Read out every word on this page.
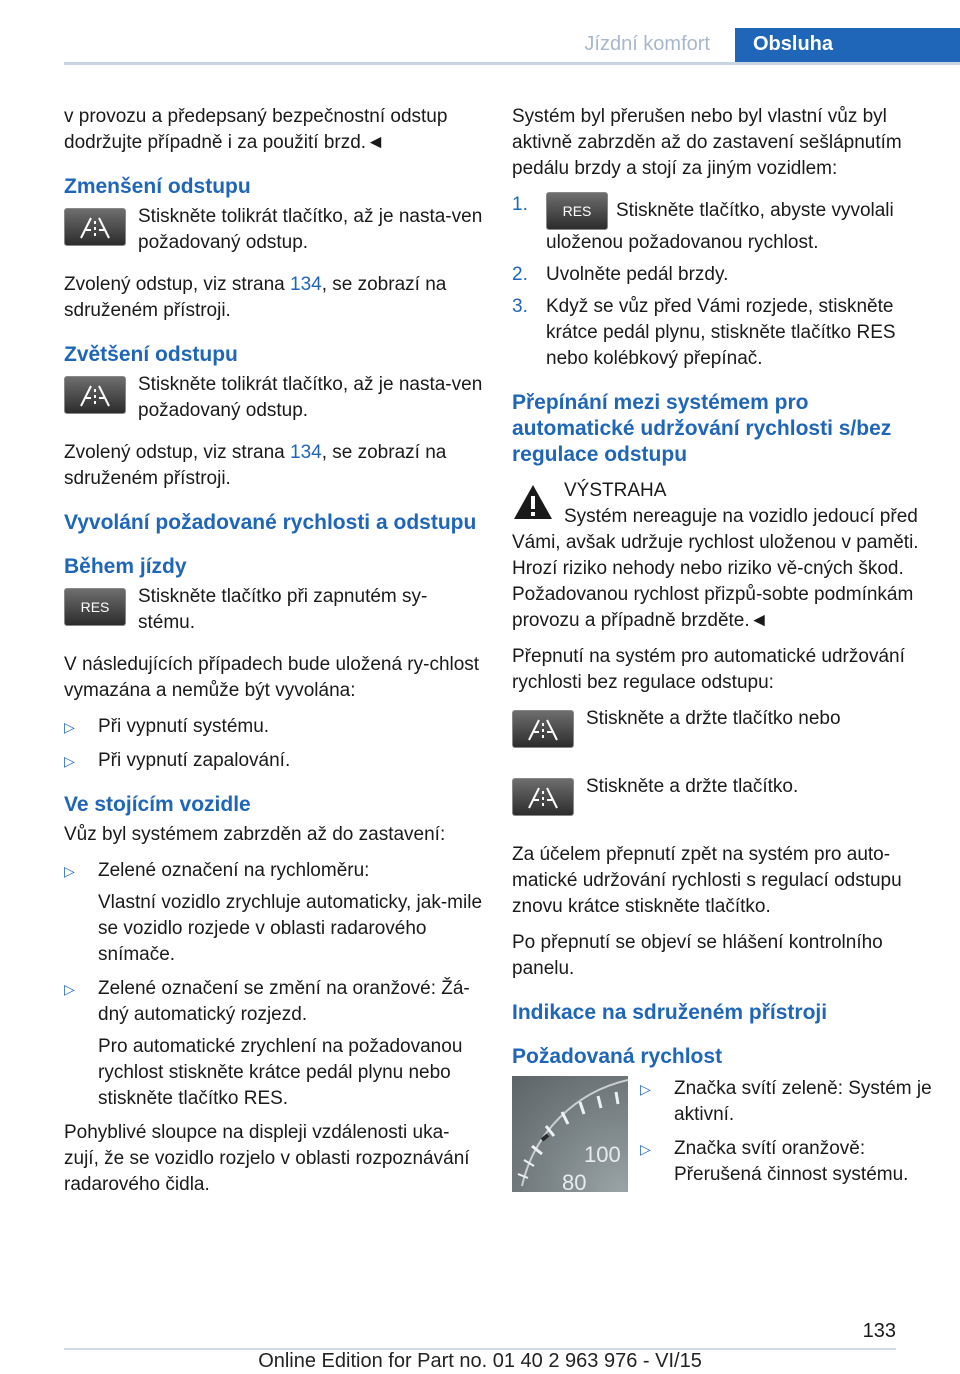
Jízdní komfort	Obsluha

v provozu a předepsaný bezpečnostní odstup dodržujte případně i za použití brzd.◄

Zmenšení odstupu
Stiskněte tolikrát tlačítko, až je nasta‐ven požadovaný odstup.

Zvolený odstup, viz strana 134, se zobrazí na sdruženém přístroji.

Zvětšení odstupu
Stiskněte tolikrát tlačítko, až je nasta‐ven požadovaný odstup.

Zvolený odstup, viz strana 134, se zobrazí na sdruženém přístroji.

Vyvolání požadované rychlosti a odstupu
Během jízdy
RES	Stiskněte tlačítko při zapnutém sy‐stému.

V následujících případech bude uložená ry‐chlost vymazána a nemůže být vyvolána:

▷ Při vypnutí systému.
▷ Při vypnutí zapalování.
Ve stojícím vozidle

Vůz byl systémem zabrzděn až do zastavení:

▷ Zelené označení na rychloměru:
Vlastní vozidlo zrychluje automaticky, jak‐mile se vozidlo rozjede v oblasti radarového snímače.
▷ Zelené označení se změní na oranžové: Žá‐dný automatický rozjezd.
Pro automatické zrychlení na požadovanou rychlost stiskněte krátce pedál plynu nebo stiskněte tlačítko RES.

Pohyblivé sloupce na displeji vzdálenosti uka‐zují, že se vozidlo rozjelo v oblasti rozpoznávání radarového čidla.

Systém byl přerušen nebo byl vlastní vůz byl aktivně zabrzděn až do zastavení sešlápnutím pedálu brzdy a stojí za jiným vozidlem:

1. RES Stiskněte tlačítko, abyste vyvolali uloženou požadovanou rychlost.
2. Uvolněte pedál brzdy.
3. Když se vůz před Vámi rozjede, stiskněte krátce pedál plynu, stiskněte tlačítko RES nebo kolébkový přepínač.
Přepínání mezi systémem pro automatické udržování rychlosti s/bez regulace odstupu
VÝSTRAHA

Systém nereaguje na vozidlo jedoucí před Vámi, avšak udržuje rychlost uloženou v paměti. Hrozí riziko nehody nebo riziko vě‐cných škod. Požadovanou rychlost přizpů‐sobte podmínkám provozu a případně brzděte.◄

Přepnutí na systém pro automatické udržování rychlosti bez regulace odstupu:

Stiskněte a držte tlačítko nebo
Stiskněte a držte tlačítko.

Za účelem přepnutí zpět na systém pro auto‐matické udržování rychlosti s regulací odstupu znovu krátce stiskněte tlačítko.

Po přepnutí se objeví se hlášení kontrolního panelu.

Indikace na sdruženém přístroji
Požadovaná rychlost
100
80
▷ Značka svítí zeleně: Systém je aktivní.
▷ Značka svítí oranžově: Přerušená činnost systému.
133
Online Edition for Part no. 01 40 2 963 976 - VI/15
